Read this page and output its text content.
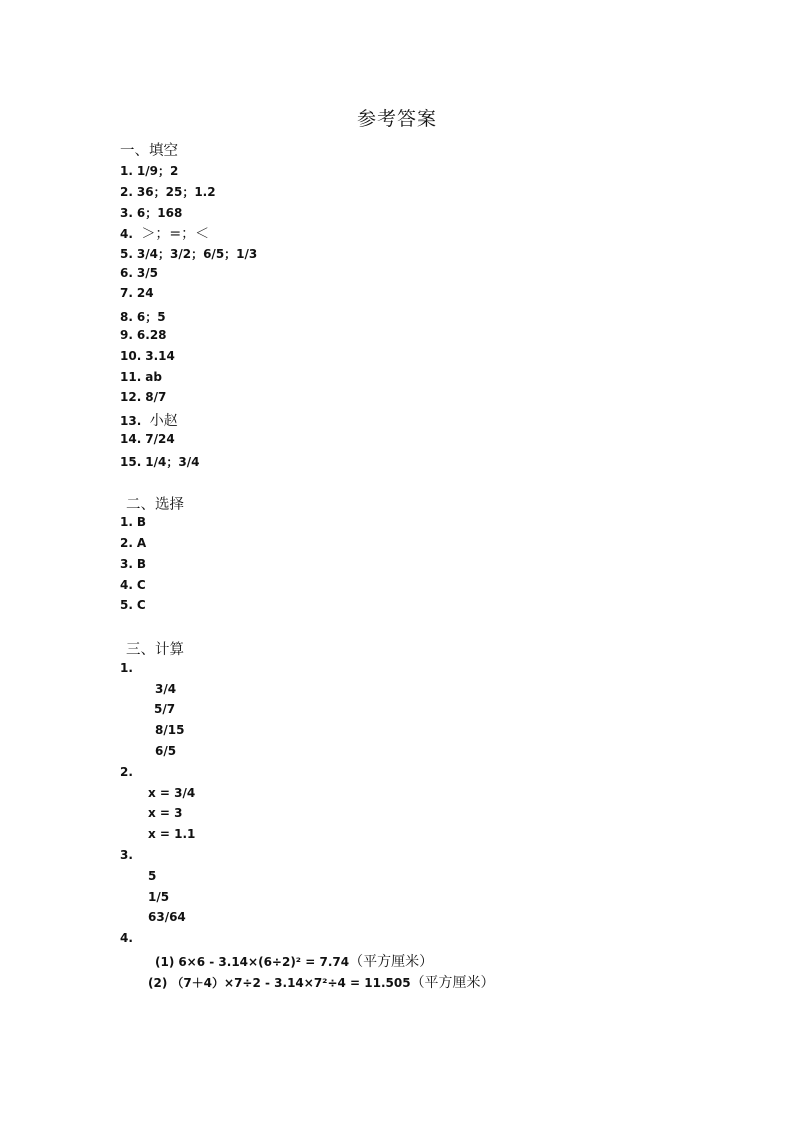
参考答案
一、填空
1. 1/9；2
2. 36；25；1.2
3. 6；168
4. ＞；=；＜
5. 3/4；3/2；6/5；1/3
6. 3/5
7. 24
8. 6；5
9. 6.28
10. 3.14
11. ab
12. 8/7
13. 小赵
14. 7/24
15. 1/4；3/4
二、选择
1. B
2. A
3. B
4. C
5. C
三、计算
1.
3/4
5/7
8/15
6/5
2.
x = 3/4
x = 3
x = 1.1
3.
5
1/5
63/64
4.
(1) 6×6 - 3.14×(6÷2)² = 7.74（平方厘米）
(2) （7＋4）×7÷2 - 3.14×7²÷4 = 11.505（平方厘米）
